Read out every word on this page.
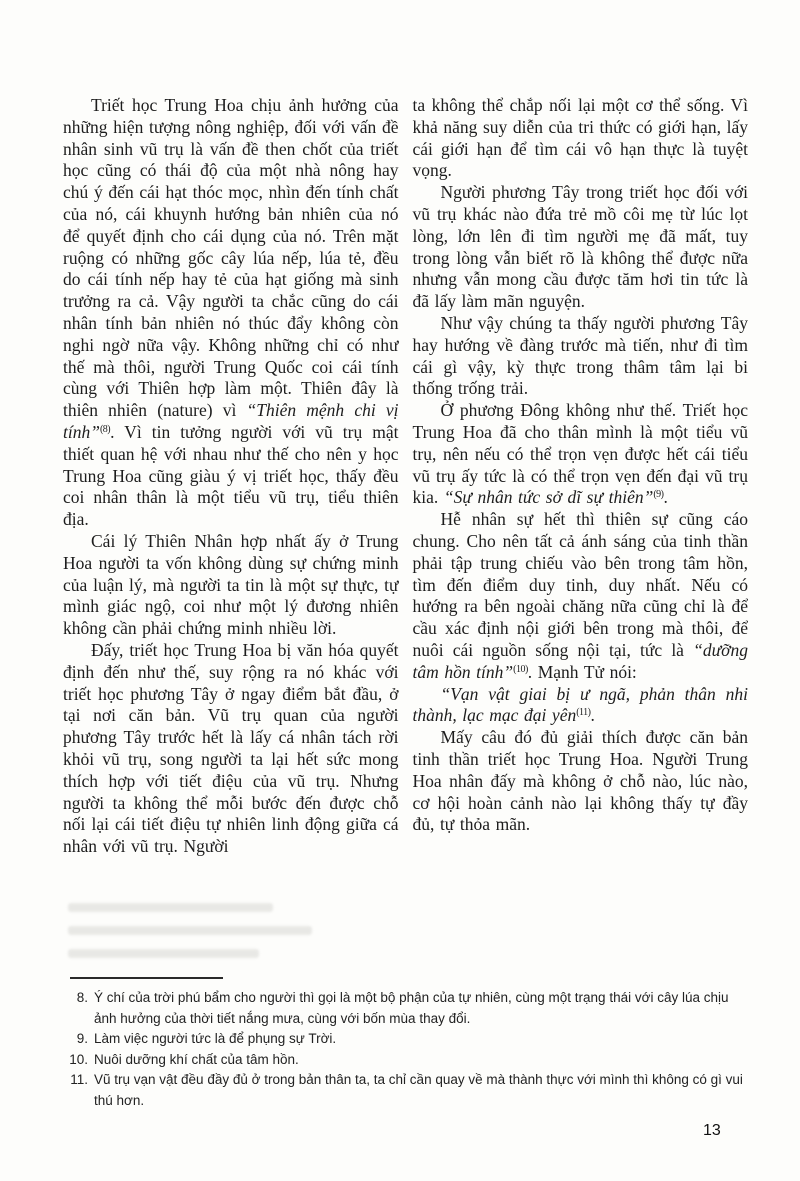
Triết học Trung Hoa chịu ảnh hưởng của những hiện tượng nông nghiệp, đối với vấn đề nhân sinh vũ trụ là vấn đề then chốt của triết học cũng có thái độ của một nhà nông hay chú ý đến cái hạt thóc mọc, nhìn đến tính chất của nó, cái khuynh hướng bản nhiên của nó để quyết định cho cái dụng của nó. Trên mặt ruộng có những gốc cây lúa nếp, lúa tẻ, đều do cái tính nếp hay tẻ của hạt giống mà sinh trưởng ra cả. Vậy người ta chắc cũng do cái nhân tính bản nhiên nó thúc đẩy không còn nghi ngờ nữa vậy. Không những chỉ có như thế mà thôi, người Trung Quốc coi cái tính cùng với Thiên hợp làm một. Thiên đây là thiên nhiên (nature) vì “Thiên mệnh chi vị tính”$^{(8)}$. Vì tin tưởng người với vũ trụ mật thiết quan hệ với nhau như thế cho nên y học Trung Hoa cũng giàu ý vị triết học, thấy đều coi nhân thân là một tiểu vũ trụ, tiểu thiên địa.

Cái lý Thiên Nhân hợp nhất ấy ở Trung Hoa người ta vốn không dùng sự chứng minh của luận lý, mà người ta tin là một sự thực, tự mình giác ngộ, coi như một lý đương nhiên không cần phải chứng minh nhiều lời.

Đấy, triết học Trung Hoa bị văn hóa quyết định đến như thế, suy rộng ra nó khác với triết học phương Tây ở ngay điểm bắt đầu, ở tại nơi căn bản. Vũ trụ quan của người phương Tây trước hết là lấy cá nhân tách rời khỏi vũ trụ, song người ta lại hết sức mong thích hợp với tiết điệu của vũ trụ. Nhưng người ta không thể mỗi bước đến được chỗ nối lại cái tiết điệu tự nhiên linh động giữa cá nhân với vũ trụ. Người

ta không thể chắp nối lại một cơ thể sống. Vì khả năng suy diễn của tri thức có giới hạn, lấy cái giới hạn để tìm cái vô hạn thực là tuyệt vọng.

Người phương Tây trong triết học đối với vũ trụ khác nào đứa trẻ mồ côi mẹ từ lúc lọt lòng, lớn lên đi tìm người mẹ đã mất, tuy trong lòng vẫn biết rõ là không thể được nữa nhưng vẫn mong cầu được tăm hơi tin tức là đã lấy làm mãn nguyện.

Như vậy chúng ta thấy người phương Tây hay hướng về đàng trước mà tiến, như đi tìm cái gì vậy, kỳ thực trong thâm tâm lại bi thống trống trải.

Ở phương Đông không như thế. Triết học Trung Hoa đã cho thân mình là một tiểu vũ trụ, nên nếu có thể trọn vẹn được hết cái tiểu vũ trụ ấy tức là có thể trọn vẹn đến đại vũ trụ kia. “Sự nhân tức sở dĩ sự thiên”$^{(9)}$.

Hễ nhân sự hết thì thiên sự cũng cáo chung. Cho nên tất cả ánh sáng của tinh thần phải tập trung chiếu vào bên trong tâm hồn, tìm đến điểm duy tinh, duy nhất. Nếu có hướng ra bên ngoài chăng nữa cũng chỉ là để cầu xác định nội giới bên trong mà thôi, để nuôi cái nguồn sống nội tại, tức là “dưỡng tâm hồn tính”$^{(10)}$. Mạnh Tử nói:

“Vạn vật giai bị ư ngã, phản thân nhi thành, lạc mạc đại yên$^{(11)}$.

Mấy câu đó đủ giải thích được căn bản tinh thần triết học Trung Hoa. Người Trung Hoa nhân đấy mà không ở chỗ nào, lúc nào, cơ hội hoàn cảnh nào lại không thấy tự đầy đủ, tự thỏa mãn.

8. Ý chí của trời phú bẩm cho người thì gọi là một bộ phận của tự nhiên, cùng một trạng thái với cây lúa chịu ảnh hưởng của thời tiết nắng mưa, cùng với bốn mùa thay đổi.
9. Làm việc người tức là để phụng sự Trời.
10. Nuôi dưỡng khí chất của tâm hồn.
11. Vũ trụ vạn vật đều đầy đủ ở trong bản thân ta, ta chỉ cần quay về mà thành thực với mình thì không có gì vui thú hơn.
13
